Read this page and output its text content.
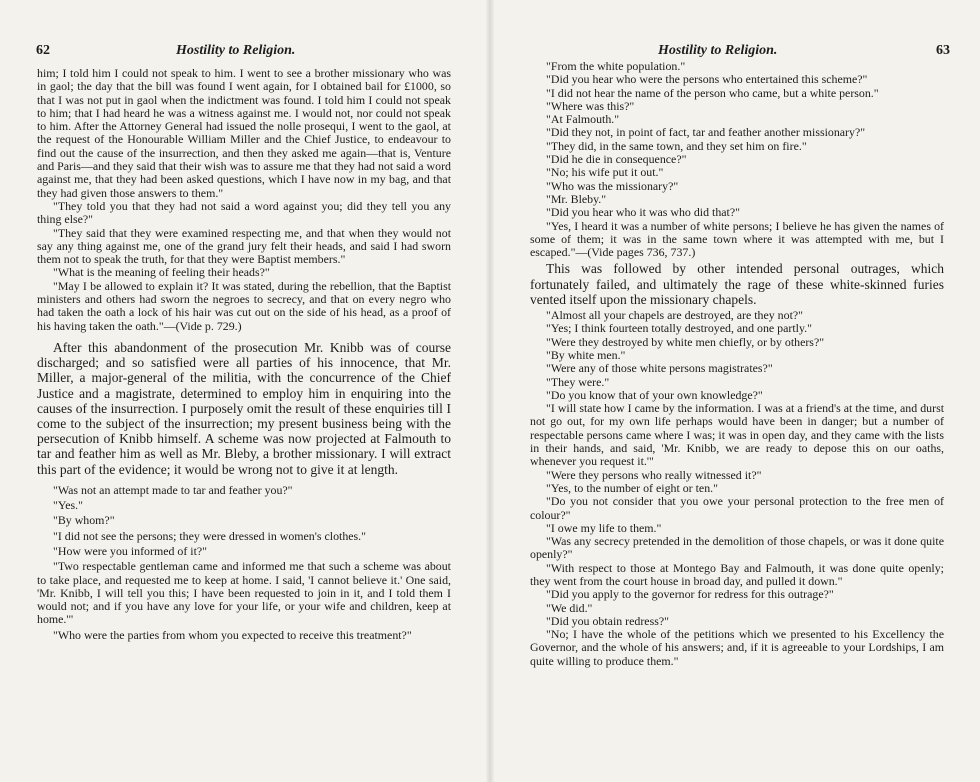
62	Hostility to Religion.

him; I told him I could not speak to him. I went to see a brother missionary who was in gaol; the day that the bill was found I went again, for I obtained bail for £1000, so that I was not put in gaol when the indictment was found. I told him I could not speak to him; that I had heard he was a witness against me. I would not, nor could not speak to him. After the Attorney General had issued the nolle prosequi, I went to the gaol, at the request of the Honourable William Miller and the Chief Justice, to endeavour to find out the cause of the insurrection, and then they asked me again—that is, Venture and Paris—and they said that their wish was to assure me that they had not said a word against me, that they had been asked questions, which I have now in my bag, and that they had given those answers to them."

"They told you that they had not said a word against you; did they tell you any thing else?"

"They said that they were examined respecting me, and that when they would not say any thing against me, one of the grand jury felt their heads, and said I had sworn them not to speak the truth, for that they were Baptist members."

"What is the meaning of feeling their heads?"

"May I be allowed to explain it? It was stated, during the rebellion, that the Baptist ministers and others had sworn the negroes to secrecy, and that on every negro who had taken the oath a lock of his hair was cut out on the side of his head, as a proof of his having taken the oath."—(Vide p. 729.)

After this abandonment of the prosecution Mr. Knibb was of course discharged; and so satisfied were all parties of his innocence, that Mr. Miller, a major-general of the militia, with the concurrence of the Chief Justice and a magistrate, determined to employ him in enquiring into the causes of the insurrection. I purposely omit the result of these enquiries till I come to the subject of the insurrection; my present business being with the persecution of Knibb himself. A scheme was now projected at Falmouth to tar and feather him as well as Mr. Bleby, a brother missionary. I will extract this part of the evidence; it would be wrong not to give it at length.

"Was not an attempt made to tar and feather you?"

"Yes."

"By whom?"

"I did not see the persons; they were dressed in women's clothes."

"How were you informed of it?"

"Two respectable gentleman came and informed me that such a scheme was about to take place, and requested me to keep at home. I said, 'I cannot believe it.' One said, 'Mr. Knibb, I will tell you this; I have been requested to join in it, and I told them I would not; and if you have any love for your life, or your wife and children, keep at home.'"

"Who were the parties from whom you expected to receive this treatment?"

Hostility to Religion.	63

"From the white population."

"Did you hear who were the persons who entertained this scheme?"

"I did not hear the name of the person who came, but a white person."

"Where was this?"

"At Falmouth."

"Did they not, in point of fact, tar and feather another missionary?"

"They did, in the same town, and they set him on fire."

"Did he die in consequence?"

"No; his wife put it out."

"Who was the missionary?"

"Mr. Bleby."

"Did you hear who it was who did that?"

"Yes, I heard it was a number of white persons; I believe he has given the names of some of them; it was in the same town where it was attempted with me, but I escaped."—(Vide pages 736, 737.)

This was followed by other intended personal outrages, which fortunately failed, and ultimately the rage of these white-skinned furies vented itself upon the missionary chapels.

"Almost all your chapels are destroyed, are they not?"

"Yes; I think fourteen totally destroyed, and one partly."

"Were they destroyed by white men chiefly, or by others?"

"By white men."

"Were any of those white persons magistrates?"

"They were."

"Do you know that of your own knowledge?"

"I will state how I came by the information. I was at a friend's at the time, and durst not go out, for my own life perhaps would have been in danger; but a number of respectable persons came where I was; it was in open day, and they came with the lists in their hands, and said, 'Mr. Knibb, we are ready to depose this on our oaths, whenever you request it.'"

"Were they persons who really witnessed it?"

"Yes, to the number of eight or ten."

"Do you not consider that you owe your personal protection to the free men of colour?"

"I owe my life to them."

"Was any secrecy pretended in the demolition of those chapels, or was it done quite openly?"

"With respect to those at Montego Bay and Falmouth, it was done quite openly; they went from the court house in broad day, and pulled it down."

"Did you apply to the governor for redress for this outrage?"

"We did."

"Did you obtain redress?"

"No; I have the whole of the petitions which we presented to his Excellency the Governor, and the whole of his answers; and, if it is agreeable to your Lordships, I am quite willing to produce them."
